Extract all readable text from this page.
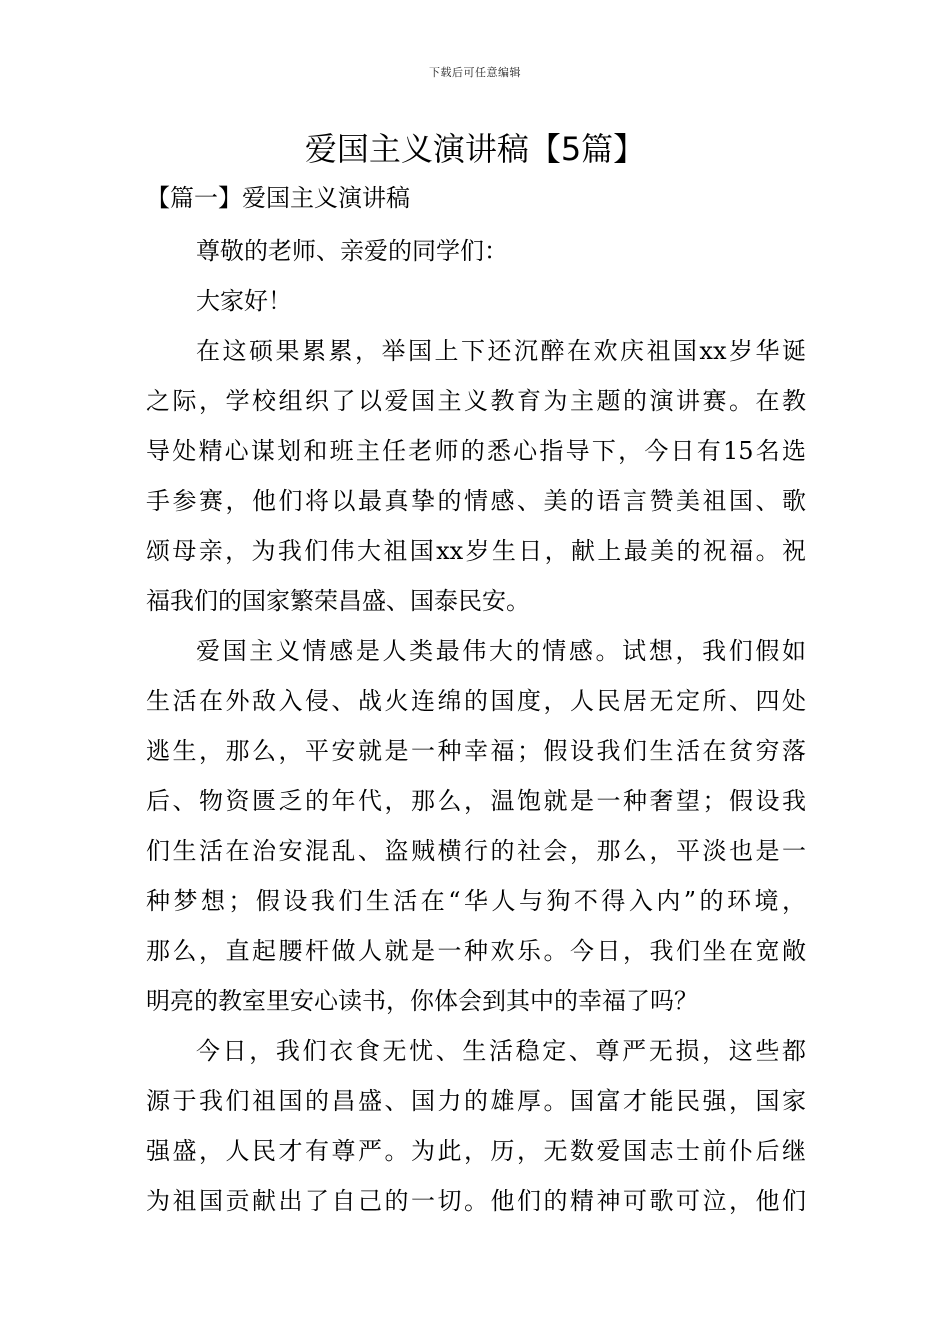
下载后可任意编辑
爱国主义演讲稿【5篇】
【篇一】爱国主义演讲稿
尊敬的老师、亲爱的同学们：
大家好！
在这硕果累累，举国上下还沉醉在欢庆祖国xx岁华诞
之际，学校组织了以爱国主义教育为主题的演讲赛。在教
导处精心谋划和班主任老师的悉心指导下，今日有15名选
手参赛，他们将以最真挚的情感、美的语言赞美祖国、歌
颂母亲，为我们伟大祖国xx岁生日，献上最美的祝福。祝
福我们的国家繁荣昌盛、国泰民安。
爱国主义情感是人类最伟大的情感。试想，我们假如
生活在外敌入侵、战火连绵的国度，人民居无定所、四处
逃生，那么，平安就是一种幸福；假设我们生活在贫穷落
后、物资匮乏的年代，那么，温饱就是一种奢望；假设我
们生活在治安混乱、盗贼横行的社会，那么，平淡也是一
种梦想；假设我们生活在“华人与狗不得入内”的环境，
那么，直起腰杆做人就是一种欢乐。今日，我们坐在宽敞
明亮的教室里安心读书，你体会到其中的幸福了吗？
今日，我们衣食无忧、生活稳定、尊严无损，这些都
源于我们祖国的昌盛、国力的雄厚。国富才能民强，国家
强盛，人民才有尊严。为此，历，无数爱国志士前仆后继
为祖国贡献出了自己的一切。他们的精神可歌可泣，他们
